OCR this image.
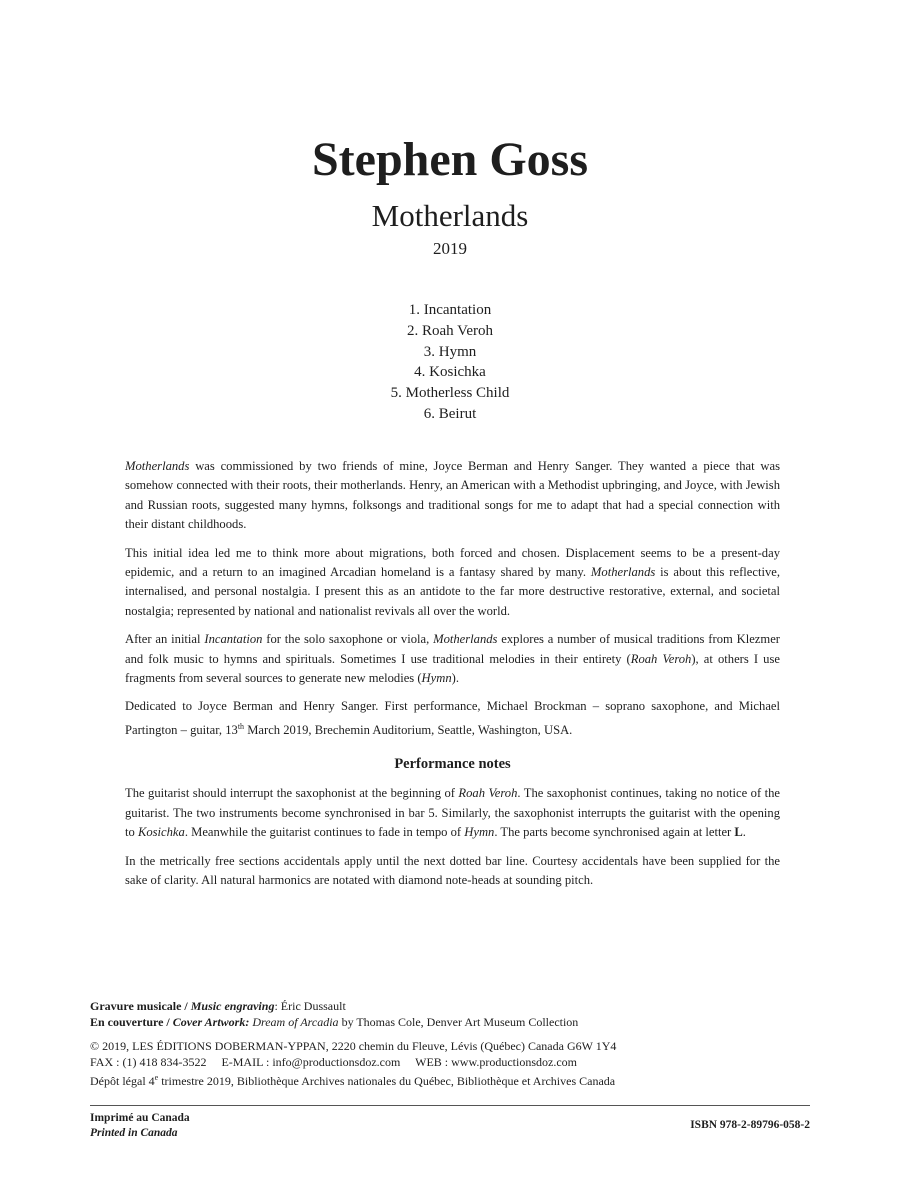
Stephen Goss
Motherlands
2019
1. Incantation
2. Roah Veroh
3. Hymn
4. Kosichka
5. Motherless Child
6. Beirut

Motherlands was commissioned by two friends of mine, Joyce Berman and Henry Sanger. They wanted a piece that was somehow connected with their roots, their motherlands. Henry, an American with a Methodist upbringing, and Joyce, with Jewish and Russian roots, suggested many hymns, folksongs and traditional songs for me to adapt that had a special connection with their distant childhoods.

This initial idea led me to think more about migrations, both forced and chosen. Displacement seems to be a present-day epidemic, and a return to an imagined Arcadian homeland is a fantasy shared by many. Motherlands is about this reflective, internalised, and personal nostalgia. I present this as an antidote to the far more destructive restorative, external, and societal nostalgia; represented by national and nationalist revivals all over the world.

After an initial Incantation for the solo saxophone or viola, Motherlands explores a number of musical traditions from Klezmer and folk music to hymns and spirituals. Sometimes I use traditional melodies in their entirety (Roah Veroh), at others I use fragments from several sources to generate new melodies (Hymn).

Dedicated to Joyce Berman and Henry Sanger. First performance, Michael Brockman – soprano saxophone, and Michael Partington – guitar, 13th March 2019, Brechemin Auditorium, Seattle, Washington, USA.

Performance notes

The guitarist should interrupt the saxophonist at the beginning of Roah Veroh. The saxophonist continues, taking no notice of the guitarist. The two instruments become synchronised in bar 5. Similarly, the saxophonist interrupts the guitarist with the opening to Kosichka. Meanwhile the guitarist continues to fade in tempo of Hymn. The parts become synchronised again at letter L.

In the metrically free sections accidentals apply until the next dotted bar line. Courtesy accidentals have been supplied for the sake of clarity. All natural harmonics are notated with diamond note-heads at sounding pitch.

Gravure musicale / Music engraving: Éric Dussault
En couverture / Cover Artwork: Dream of Arcadia by Thomas Cole, Denver Art Museum Collection
© 2019, LES ÉDITIONS DOBERMAN-YPPAN, 2220 chemin du Fleuve, Lévis (Québec) Canada G6W 1Y4
FAX : (1) 418 834-3522     E-MAIL : info@productionsdoz.com     WEB : www.productionsdoz.com
Dépôt légal 4e trimestre 2019, Bibliothèque Archives nationales du Québec, Bibliothèque et Archives Canada
Imprimé au Canada
Printed in Canada
ISBN 978-2-89796-058-2
